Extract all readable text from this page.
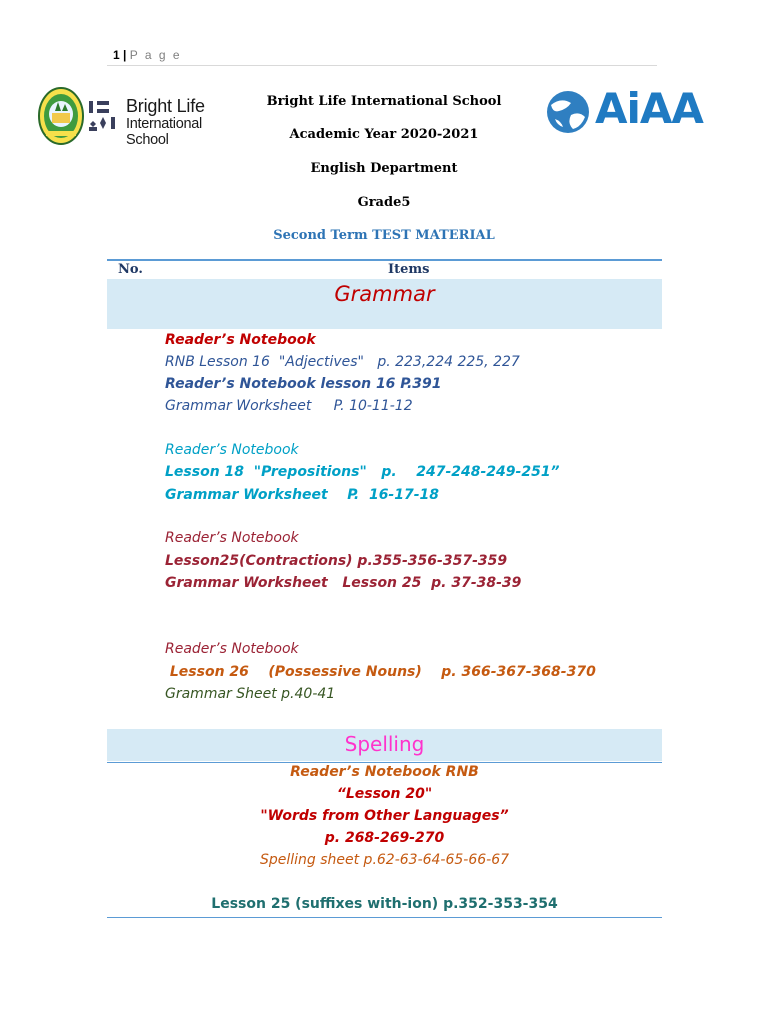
1 | P a g e
Bright Life
International School
AiAA
Bright Life International School
Academic Year 2020-2021
English Department
Grade5
Second Term TEST MATERIAL
No.	Items
Grammar
Reader’s Notebook
RNB Lesson 16  "Adjectives"   p. 223,224 225, 227
Reader’s Notebook lesson 16 P.391
Grammar Worksheet     P. 10-11-12
Reader’s Notebook
Lesson 18  "Prepositions"   p.    247-248-249-251”
Grammar Worksheet    P.  16-17-18
Reader’s Notebook
Lesson25(Contractions) p.355-356-357-359
Grammar Worksheet   Lesson 25  p. 37-38-39
Reader’s Notebook
Lesson 26    (Possessive Nouns)    p. 366-367-368-370
Grammar Sheet p.40-41
Spelling
Reader’s Notebook RNB
“Lesson 20"
"Words from Other Languages”
p. 268-269-270
Spelling sheet p.62-63-64-65-66-67
Lesson 25 (suffixes with-ion) p.352-353-354
